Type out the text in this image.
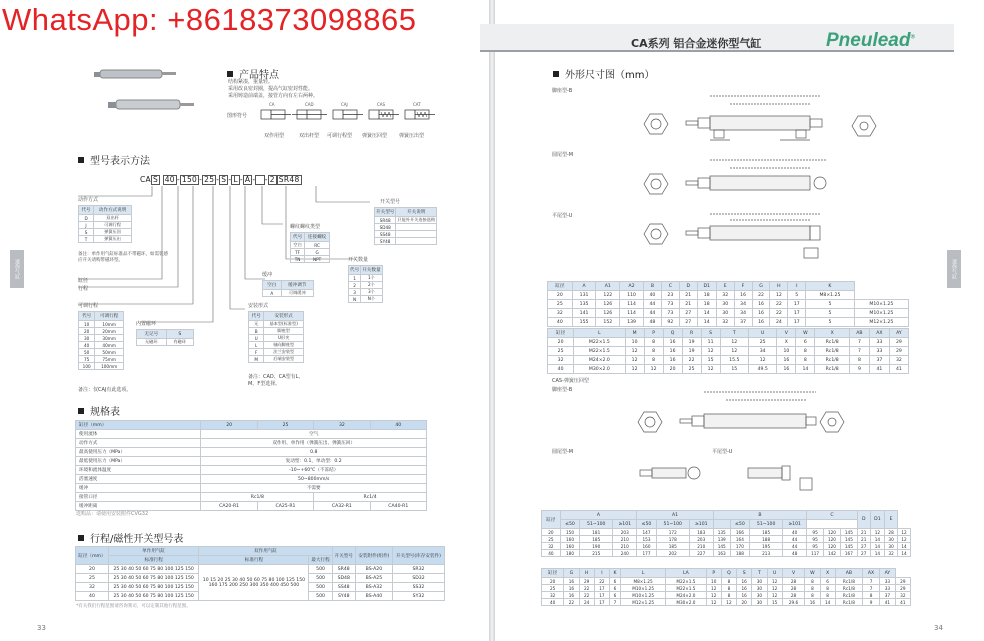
CA系列 铝合金迷你型气缸	Pneulead®
WhatsApp: +8618373098865
迷你气缸	迷你气缸
产品特点
结构紧凑，重量轻。
采用改良密封圈，提高气缸密封性能。
采用铸造前端盖，接管方向有左右两种。
图形符号
CA	CAD	CAJ	CAS	CAT
双作用型	双出杆型 可调行程型 弹簧压回型 弹簧压出型
型号表示方法
CA S 40 - 150 - 25 - S - L - A - - 2 SR48
动作方式
代号	动作方式说明
D	双出杆
J	可调行程
S	弹簧压回
T	弹簧压出
备注：单作用气缸标准品不带磁环，如需装感应开关请购带磁环型。
缸径
行程
可调行程
代号	可调行程
10	10mm
20	20mm
30	30mm
40	40mm
50	50mm
75	75mm
100	100mm
备注：仅CAJ有此选项。
内置磁环
无记号	S
无磁环	有磁环
安装形式
代号	安装形式
无	基本型(标准型)
B	脚座型
U	U形夹
L	轴向脚座型
F	法兰安装型
M	后端安装型
备注：CAD、CA型有L、M、F型选择。
螺纹螺纹类型
代号	连接螺纹
空白	RC
TF	G
TN	NPT
缓冲
空白	缓冲调节
A	可调缓冲
开关数量
代号	开关数量
1	1个
2	2个
3	3个
N	N个
开关型号
开关型号	开关说明
SR48	只能外开关连接选购
SD48	
SS48	
SY48	
规格表
缸径（mm）	20	25	32	40
使用流体	空气			
动作方式	双作用、单作用（弹簧压出、弹簧压回）			
最高使用压力（MPa）	0.8			
最低使用压力（MPa）	复动型：0.1，单动型：0.2			
环境和流体温度	-10~+60℃（不冻结）			
活塞速度	50~800mm/s			
缓冲	不需要			
接管口径	Rc1/8		Rc1/4	
缓冲距离	CA20-R1	CA25-R1	CA32-R1	CA40-R1
选购品：请使用安装附件CVG32
行程/磁性开关型号表
缸径（mm）	单作用气缸	双作用气缸		开关型号	安装附件(组件)	开关型号(库存安装件)
	标准行程	标准行程	最大行程			
20	25 30 40 50 60 75 80 100 125 150	10 15 20 25 30 40 50 60 75 80 100 125 150 160 175 200 250 300 350 400 450 500	500	SR48	BS-A20	SR32
25	25 30 40 50 60 75 80 100 125 150		500	SD48	BS-A25	SD32
32	25 30 40 50 60 75 80 100 125 150		500	SS48	BS-A32	SS32
40	25 30 40 50 60 75 80 100 125 150		500	SY48	BS-A40	SY32
*有关我们行程范围请咨询我司，可以定制其他行程范围。
33	34
外形尺寸图（mm）
脚座型-B
圆尾型-M
平尾型-U
缸径	A	A1	A2	B	C	D	D1	E	F	G	H	I	K	
20	131	122	110	40	23	21	18	32	16	22	12	5	M8×1.25	
25	135	126	114	44	73	21	18	30	34	16	22	17	5	M10×1.25
32	141	126	114	44	73	27	14	30	34	16	22	17	5	M10×1.25
40	155	152	139	48	92	27	14	32	37	16	24	17	5	M12×1.25
缸径	L	M	P	Q	R	S	T	U	V	W	X	AB	AX	AY
20	M22×1.5	10	8	16	19	11	12	25	X	6	Rc1/8	7	33	29
25	M22×1.5	12	8	16	19	12	12	34	10	8	Rc1/8	7	33	29
32	M24×2.0	12	8	16	22	15	15.5	12	16	8	Rc1/8	8	37	32
40	M30×2.0	12	12	20	25	12	15	49.5	16	14	Rc1/8	9	41	41
CAS-弹簧压回型
脚座型-B
圆尾型-M	平尾型-U
缸径	A			A1			B				C			D	D1	E	
	≤50	51~100	≥101	≤50	51~100	≥101		≤50	51~100	≥101							
20	150	181	203	147	172	183	135	166	185	40	95	120	145	21	12	28	12
25	160	185	210	153	178	203	139	164	188	44	95	120	145	21	14	30	12
32	160	190	210	160	185	210	145	170	195	44	95	120	145	27	14	30	14
40	180	215	240	177	202	227	163	188	213	48	117	142	167	27	14	32	14
缸径	G	H	I	K	L	LA	P	Q	S	T	U	V	W	X	AB	AX	AY	
20	16	29	22	6	M8×1.25	M22×1.5	10	8	16	30	12	28	8	6	Rc1/8	7	33	29
25	16	22	17	6	M10×1.25	M22×1.5	12	8	16	30	12	28	8	8	Rc1/8	7	33	29
32	16	22	17	6	M10×1.25	M24×2.0	12	8	16	30	12	28	8	8	Rc1/8	8	37	32
40	22	24	17	7	M12×1.25	M30×2.0	12	12	20	30	15	29.6	16	14	Rc1/8	9	41	41
